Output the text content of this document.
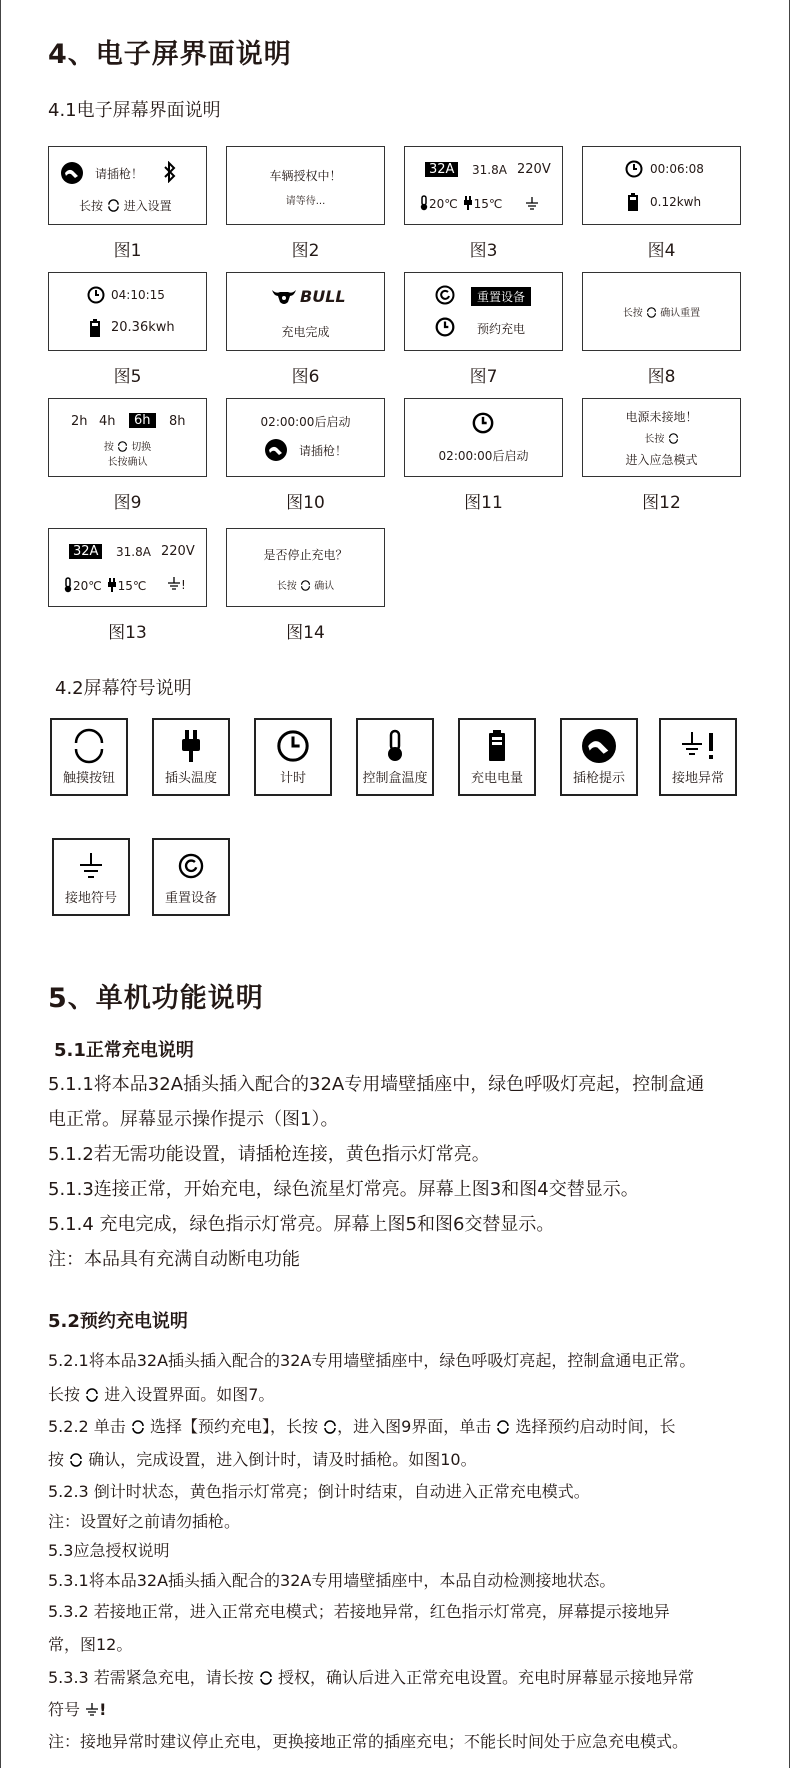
4、电子屏界面说明
4.1电子屏幕界面说明
请插枪！
长按 进入设置
图1
车辆授权中！
请等待...
图2
32A	31.8A 220V
20℃ 15℃
图3
00:06:08
0.12kwh
图4
04:10:15
20.36kwh
图5
BULL
充电完成
图6
重置设备
预约充电
图7
长按 确认重置
图8
2h 4h	6h	8h
按 切换
长按确认
图9
02:00:00后启动
请插枪！
图10
02:00:00后启动
图11
电源未接地！
长按
进入应急模式
图12
32A	31.8A 220V
20℃ 15℃	!
图13
是否停止充电？
长按 确认
图14
4.2屏幕符号说明
触摸按钮	插头温度	计时	控制盒温度	充电电量	插枪提示	接地异常
接地符号	重置设备
5、单机功能说明
5.1正常充电说明
5.1.1将本品32A插头插入配合的32A专用墙壁插座中，绿色呼吸灯亮起，控制盒通
电正常。屏幕显示操作提示（图1）。
5.1.2若无需功能设置，请插枪连接，黄色指示灯常亮。
5.1.3连接正常，开始充电，绿色流星灯常亮。屏幕上图3和图4交替显示。
5.1.4 充电完成，绿色指示灯常亮。屏幕上图5和图6交替显示。
注：本品具有充满自动断电功能
5.2预约充电说明
5.2.1将本品32A插头插入配合的32A专用墙壁插座中，绿色呼吸灯亮起，控制盒通电正常。
长按 进入设置界面。如图7。
5.2.2 单击 选择【预约充电】，长按 ，进入图9界面，单击 选择预约启动时间，长
按 确认，完成设置，进入倒计时，请及时插枪。如图10。
5.2.3 倒计时状态，黄色指示灯常亮；倒计时结束，自动进入正常充电模式。
注：设置好之前请勿插枪。
5.3应急授权说明
5.3.1将本品32A插头插入配合的32A专用墙壁插座中，本品自动检测接地状态。
5.3.2 若接地正常，进入正常充电模式；若接地异常，红色指示灯常亮，屏幕提示接地异
常，图12。
5.3.3 若需紧急充电，请长按 授权，确认后进入正常充电设置。充电时屏幕显示接地异常
符号 !
注：接地异常时建议停止充电，更换接地正常的插座充电；不能长时间处于应急充电模式。
